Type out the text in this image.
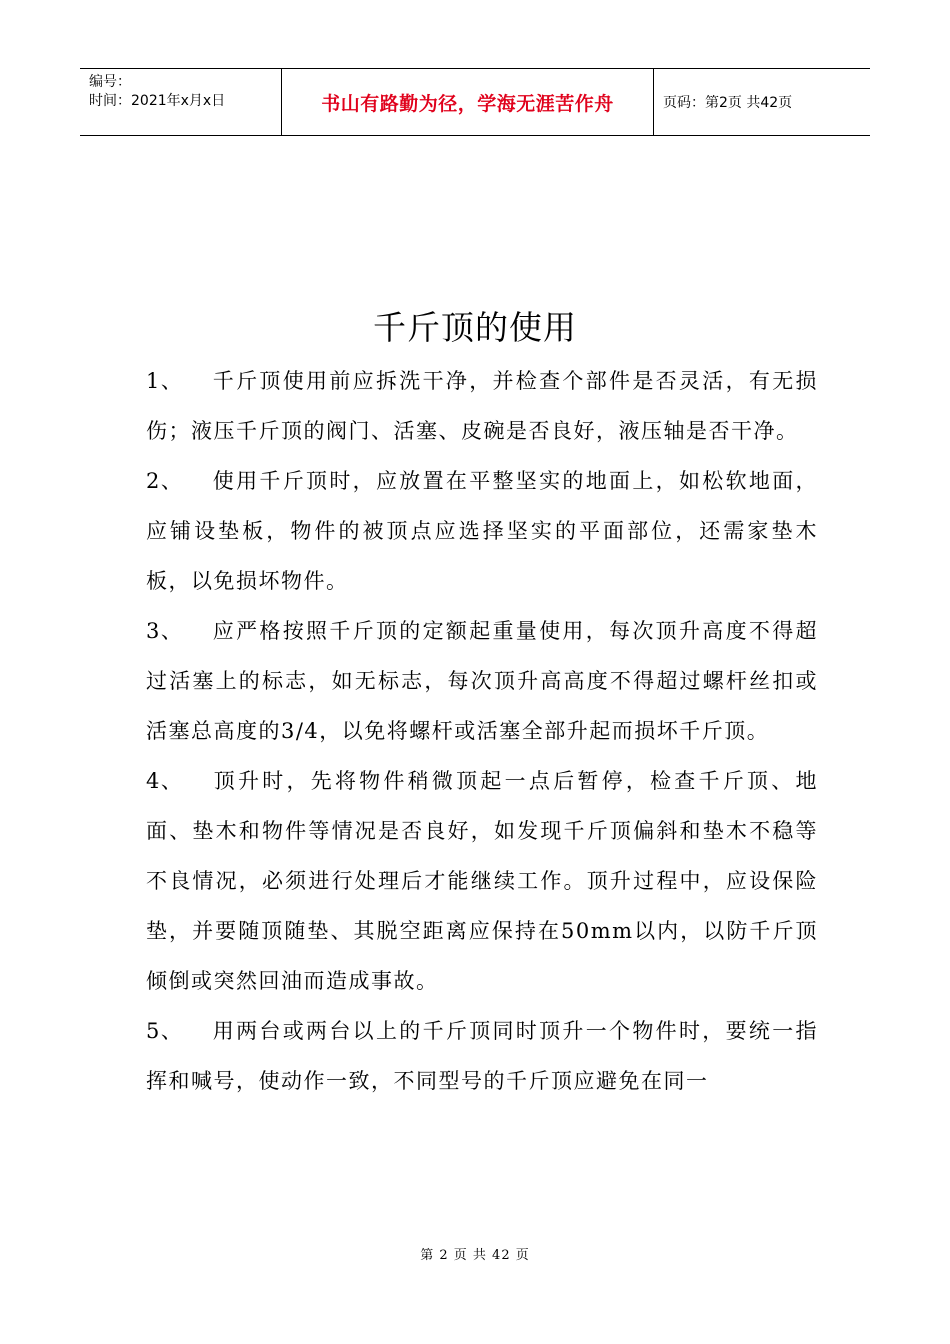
编号：
时间：2021年x月x日	书山有路勤为径，学海无涯苦作舟	页码：第2页 共42页
千斤顶的使用

1、 千斤顶使用前应拆洗干净，并检查个部件是否灵活，有无损伤；液压千斤顶的阀门、活塞、皮碗是否良好，液压轴是否干净。

2、 使用千斤顶时，应放置在平整坚实的地面上，如松软地面，应铺设垫板，物件的被顶点应选择坚实的平面部位，还需家垫木板，以免损坏物件。

3、 应严格按照千斤顶的定额起重量使用，每次顶升高度不得超过活塞上的标志，如无标志，每次顶升高高度不得超过螺杆丝扣或活塞总高度的3/4，以免将螺杆或活塞全部升起而损坏千斤顶。

4、 顶升时，先将物件稍微顶起一点后暂停，检查千斤顶、地面、垫木和物件等情况是否良好，如发现千斤顶偏斜和垫木不稳等不良情况，必须进行处理后才能继续工作。顶升过程中，应设保险垫，并要随顶随垫、其脱空距离应保持在50mm以内，以防千斤顶倾倒或突然回油而造成事故。

5、 用两台或两台以上的千斤顶同时顶升一个物件时，要统一指挥和喊号，使动作一致，不同型号的千斤顶应避免在同一

第 2 页 共 42 页
